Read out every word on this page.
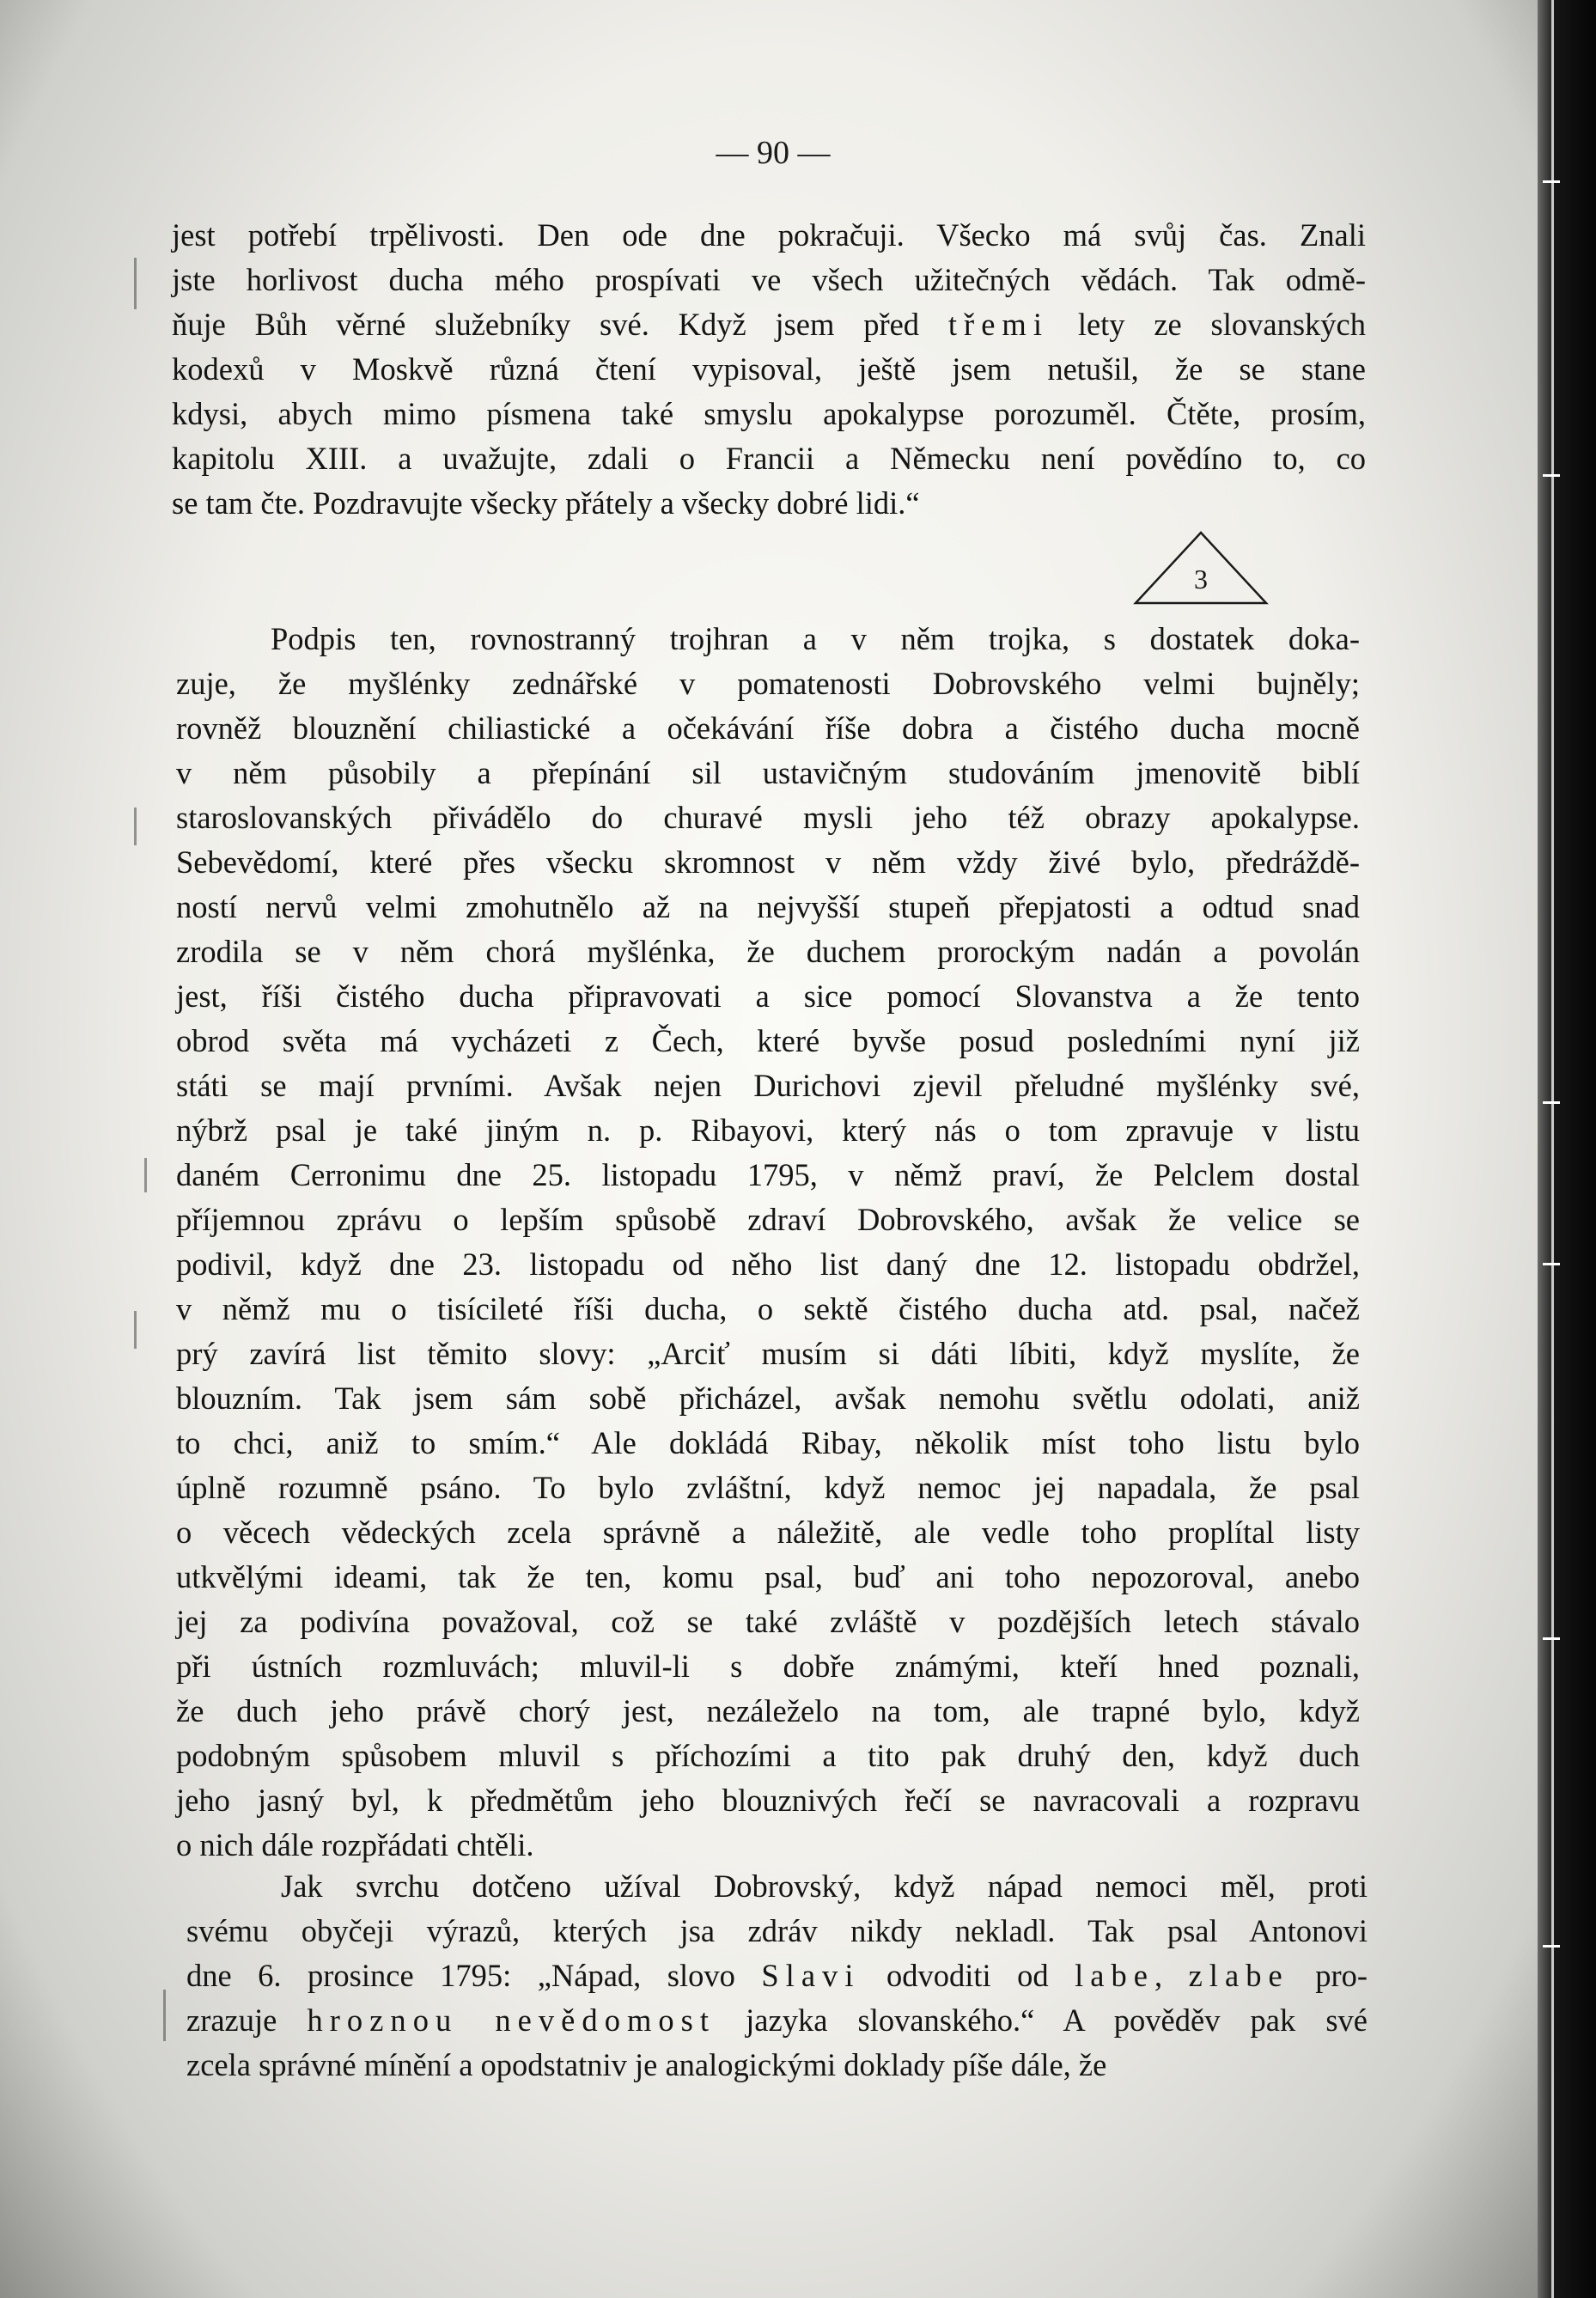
— 90 —
jest potřebí trpělivosti. Den ode dne pokračuji. Všecko má svůj čas. Znali
jste horlivost ducha mého prospívati ve všech užitečných vědách. Tak odmě-
ňuje Bůh věrné služebníky své. Když jsem před třemi lety ze slovanských
kodexů v Moskvě různá čtení vypisoval, ještě jsem netušil, že se stane
kdysi, abych mimo písmena také smyslu apokalypse porozuměl. Čtěte, prosím,
kapitolu XIII. a uvažujte, zdali o Francii a Německu není povědíno to, co
se tam čte. Pozdravujte všecky přátely a všecky dobré lidi.“
3
Podpis ten, rovnostranný trojhran a v něm trojka, s dostatek doka-
zuje, že myšlénky zednářské v pomatenosti Dobrovského velmi bujněly;
rovněž blouznění chiliastické a očekávání říše dobra a čistého ducha mocně
v něm působily a přepínání sil ustavičným studováním jmenovitě biblí
staroslovanských přivádělo do churavé mysli jeho též obrazy apokalypse.
Sebevědomí, které přes všecku skromnost v něm vždy živé bylo, předráždě-
ností nervů velmi zmohutnělo až na nejvyšší stupeň přepjatosti a odtud snad
zrodila se v něm chorá myšlénka, že duchem prorockým nadán a povolán
jest, říši čistého ducha připravovati a sice pomocí Slovanstva a že tento
obrod světa má vycházeti z Čech, které byvše posud posledními nyní již
státi se mají prvními. Avšak nejen Durichovi zjevil přeludné myšlénky své,
nýbrž psal je také jiným n. p. Ribayovi, který nás o tom zpravuje v listu
daném Cerronimu dne 25. listopadu 1795, v němž praví, že Pelclem dostal
příjemnou zprávu o lepším spůsobě zdraví Dobrovského, avšak že velice se
podivil, když dne 23. listopadu od něho list daný dne 12. listopadu obdržel,
v němž mu o tisícileté říši ducha, o sektě čistého ducha atd. psal, načež
prý zavírá list těmito slovy: „Arciť musím si dáti líbiti, když myslíte, že
blouzním. Tak jsem sám sobě přicházel, avšak nemohu světlu odolati, aniž
to chci, aniž to smím.“ Ale dokládá Ribay, několik míst toho listu bylo
úplně rozumně psáno. To bylo zvláštní, když nemoc jej napadala, že psal
o věcech vědeckých zcela správně a náležitě, ale vedle toho proplítal listy
utkvělými ideami, tak že ten, komu psal, buď ani toho nepozoroval, anebo
jej za podivína považoval, což se také zvláště v pozdějších letech stávalo
při ústních rozmluvách; mluvil-li s dobře známými, kteří hned poznali,
že duch jeho právě chorý jest, nezáleželo na tom, ale trapné bylo, když
podobným spůsobem mluvil s příchozími a tito pak druhý den, když duch
jeho jasný byl, k předmětům jeho blouznivých řečí se navracovali a rozpravu
o nich dále rozpřádati chtěli.
Jak svrchu dotčeno užíval Dobrovský, když nápad nemoci měl, proti
svému obyčeji výrazů, kterých jsa zdráv nikdy nekladl. Tak psal Antonovi
dne 6. prosince 1795: „Nápad, slovo Slavi odvoditi od labe, zlabe pro-
zrazuje hroznou nevědomost jazyka slovanského.“ A pověděv pak své
zcela správné mínění a opodstatniv je analogickými doklady píše dále, že
